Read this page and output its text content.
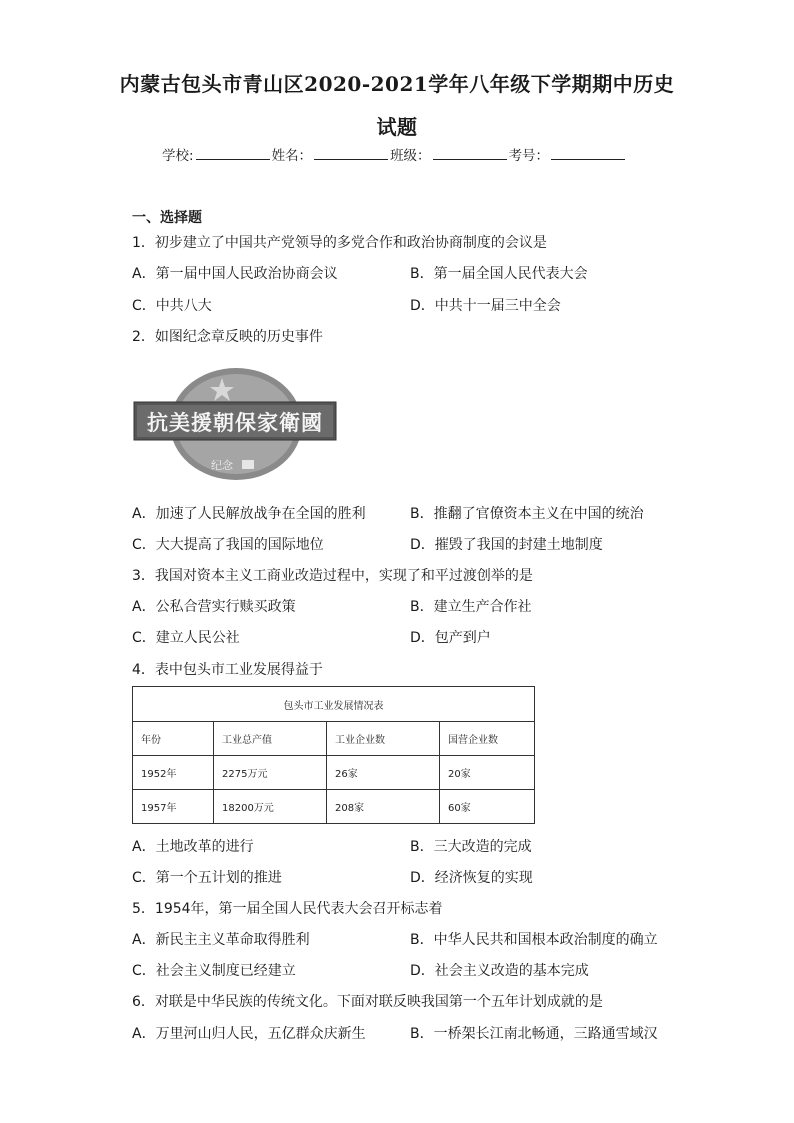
内蒙古包头市青山区2020-2021学年八年级下学期期中历史
试题
学校:	姓名：	班级：	考号：
一、选择题
1．初步建立了中国共产党领导的多党合作和政治协商制度的会议是
A．第一届中国人民政治协商会议	B．第一届全国人民代表大会
C．中共八大	D．中共十一届三中全会
2．如图纪念章反映的历史事件
抗美援朝保家衛國
纪念
A．加速了人民解放战争在全国的胜利	B．推翻了官僚资本主义在中国的统治
C．大大提高了我国的国际地位	D．摧毁了我国的封建土地制度
3．我国对资本主义工商业改造过程中，实现了和平过渡创举的是
A．公私合营实行赎买政策	B．建立生产合作社
C．建立人民公社	D．包产到户
4．表中包头市工业发展得益于
包头市工业发展情况表			
年份	工业总产值	工业企业数	国营企业数
1952年	2275万元	26家	20家
1957年	18200万元	208家	60家
A．土地改革的进行	B．三大改造的完成
C．第一个五计划的推进	D．经济恢复的实现
5．1954年，第一届全国人民代表大会召开标志着
A．新民主主义革命取得胜利	B．中华人民共和国根本政治制度的确立
C．社会主义制度已经建立	D．社会主义改造的基本完成
6．对联是中华民族的传统文化。下面对联反映我国第一个五年计划成就的是
A．万里河山归人民，五亿群众庆新生	B．一桥架长江南北畅通，三路通雪域汉
